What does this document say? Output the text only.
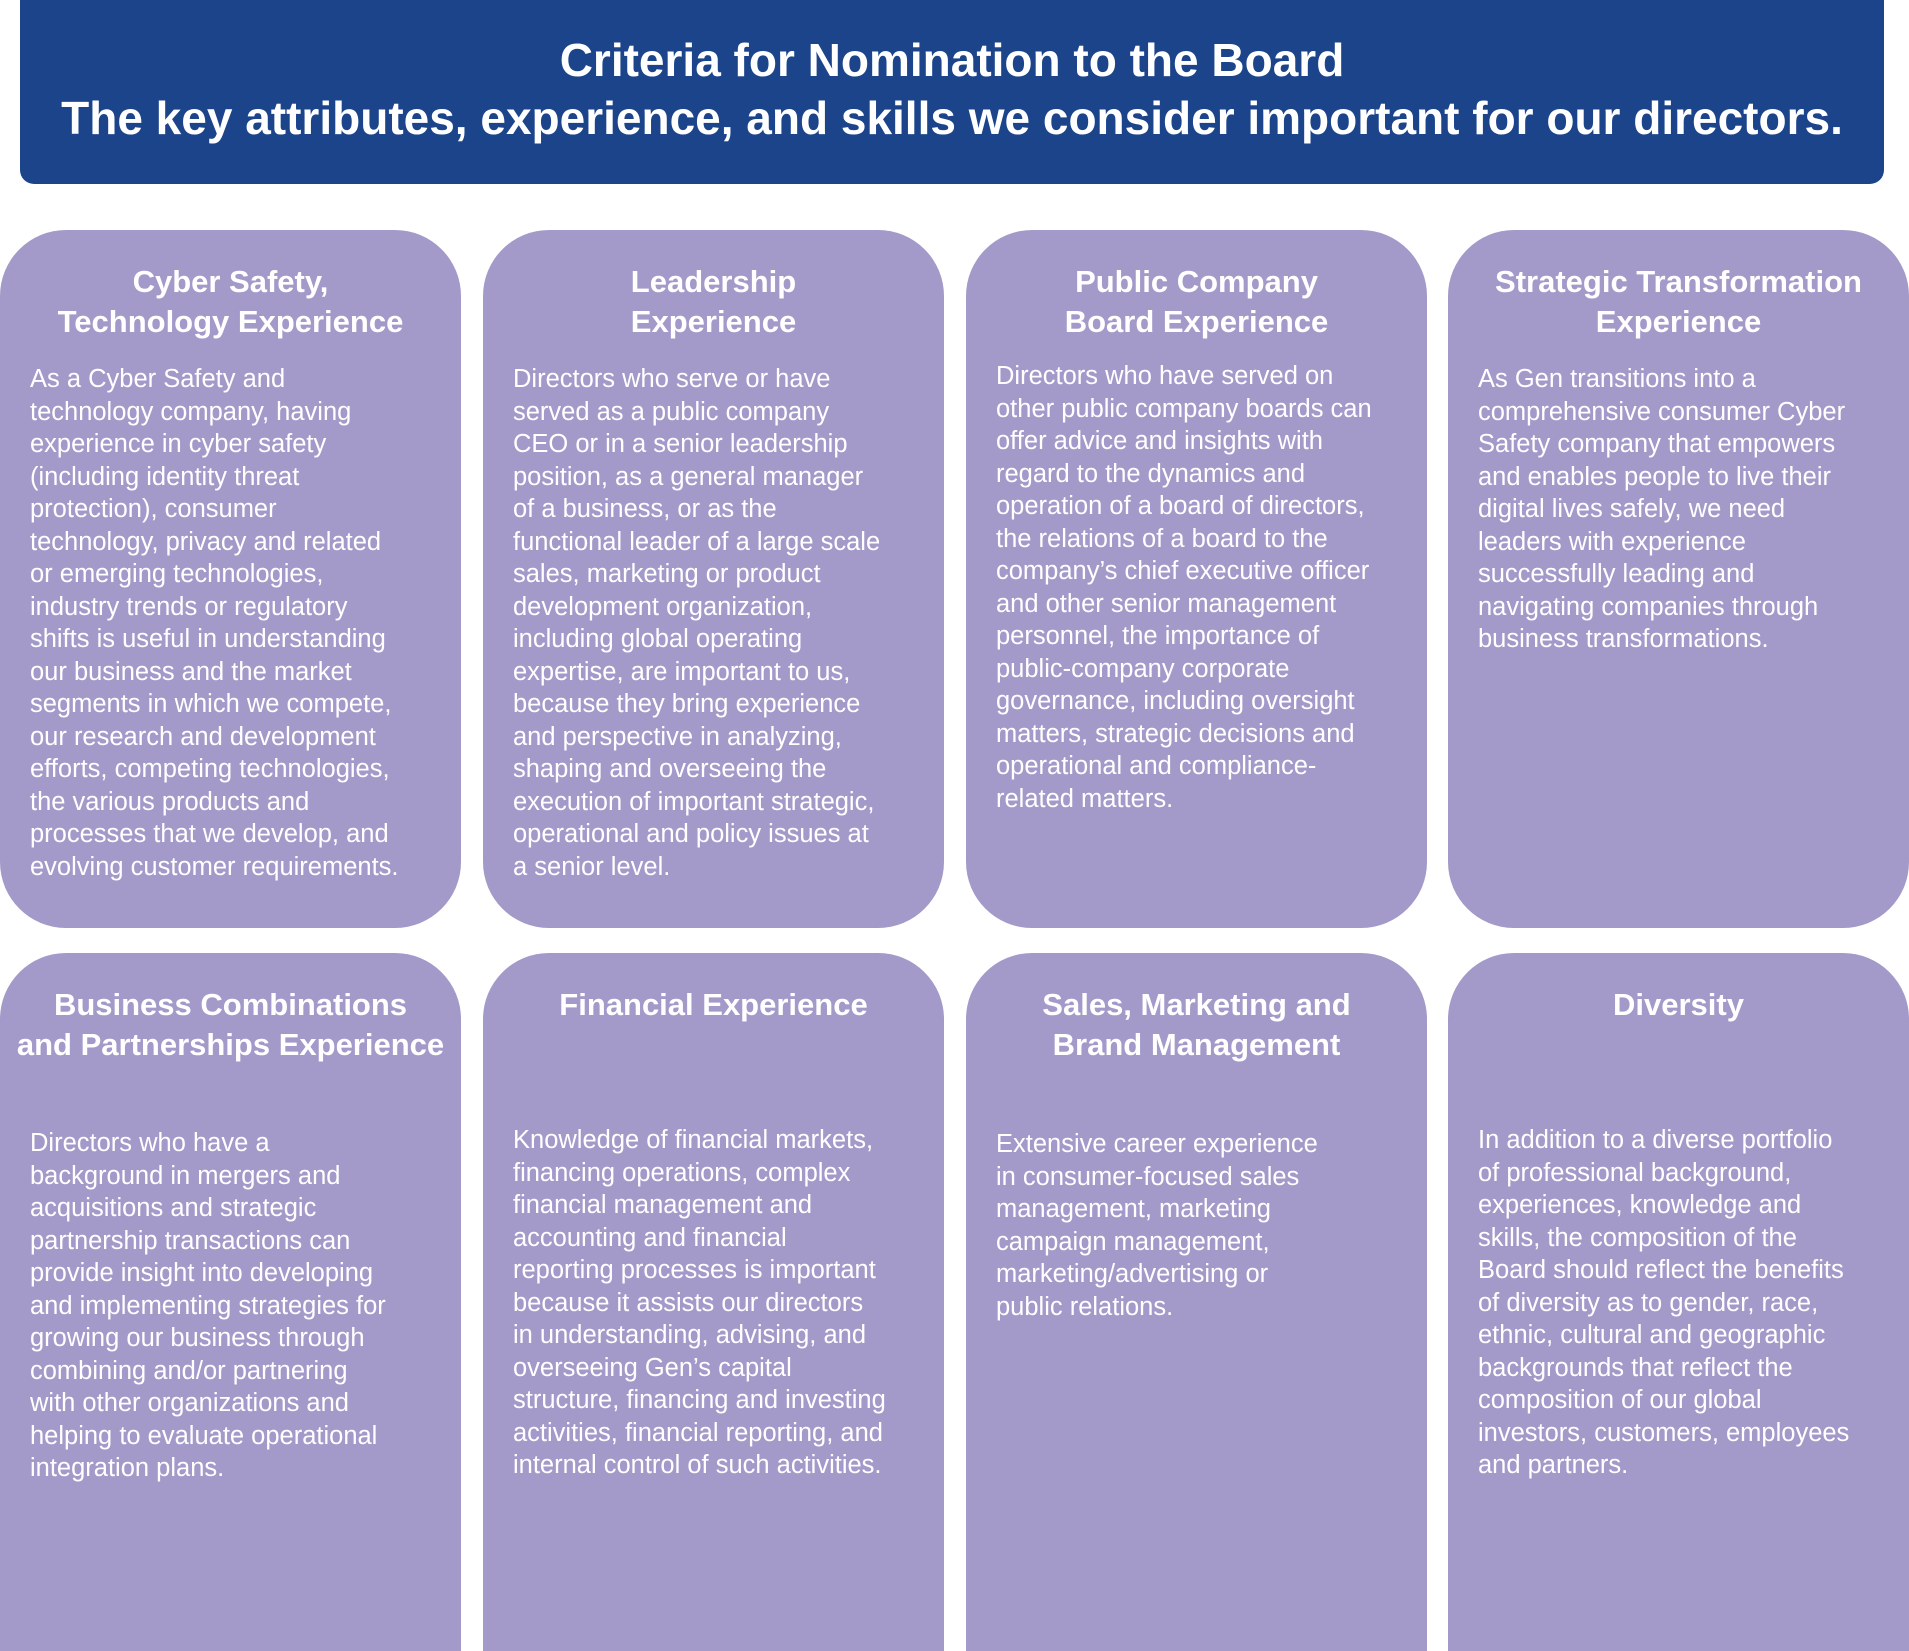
Criteria for Nomination to the Board
The key attributes, experience, and skills we consider important for our directors.
Cyber Safety,
Technology Experience
As a Cyber Safety and
technology company, having
experience in cyber safety
(including identity threat
protection), consumer
technology, privacy and related
or emerging technologies,
industry trends or regulatory
shifts is useful in understanding
our business and the market
segments in which we compete,
our research and development
efforts, competing technologies,
the various products and
processes that we develop, and
evolving customer requirements.
Leadership
Experience
Directors who serve or have
served as a public company
CEO or in a senior leadership
position, as a general manager
of a business, or as the
functional leader of a large scale
sales, marketing or product
development organization,
including global operating
expertise, are important to us,
because they bring experience
and perspective in analyzing,
shaping and overseeing the
execution of important strategic,
operational and policy issues at
a senior level.
Public Company
Board Experience
Directors who have served on
other public company boards can
offer advice and insights with
regard to the dynamics and
operation of a board of directors,
the relations of a board to the
company’s chief executive officer
and other senior management
personnel, the importance of
public-company corporate
governance, including oversight
matters, strategic decisions and
operational and compliance-
related matters.
Strategic Transformation
Experience
As Gen transitions into a
comprehensive consumer Cyber
Safety company that empowers
and enables people to live their
digital lives safely, we need
leaders with experience
successfully leading and
navigating companies through
business transformations.
Business Combinations
and Partnerships Experience
Directors who have a
background in mergers and
acquisitions and strategic
partnership transactions can
provide insight into developing
and implementing strategies for
growing our business through
combining and/or partnering
with other organizations and
helping to evaluate operational
integration plans.
Financial Experience
Knowledge of financial markets,
financing operations, complex
financial management and
accounting and financial
reporting processes is important
because it assists our directors
in understanding, advising, and
overseeing Gen’s capital
structure, financing and investing
activities, financial reporting, and
internal control of such activities.
Sales, Marketing and
Brand Management
Extensive career experience
in consumer-focused sales
management, marketing
campaign management,
marketing/advertising or
public relations.
Diversity
In addition to a diverse portfolio
of professional background,
experiences, knowledge and
skills, the composition of the
Board should reflect the benefits
of diversity as to gender, race,
ethnic, cultural and geographic
backgrounds that reflect the
composition of our global
investors, customers, employees
and partners.
